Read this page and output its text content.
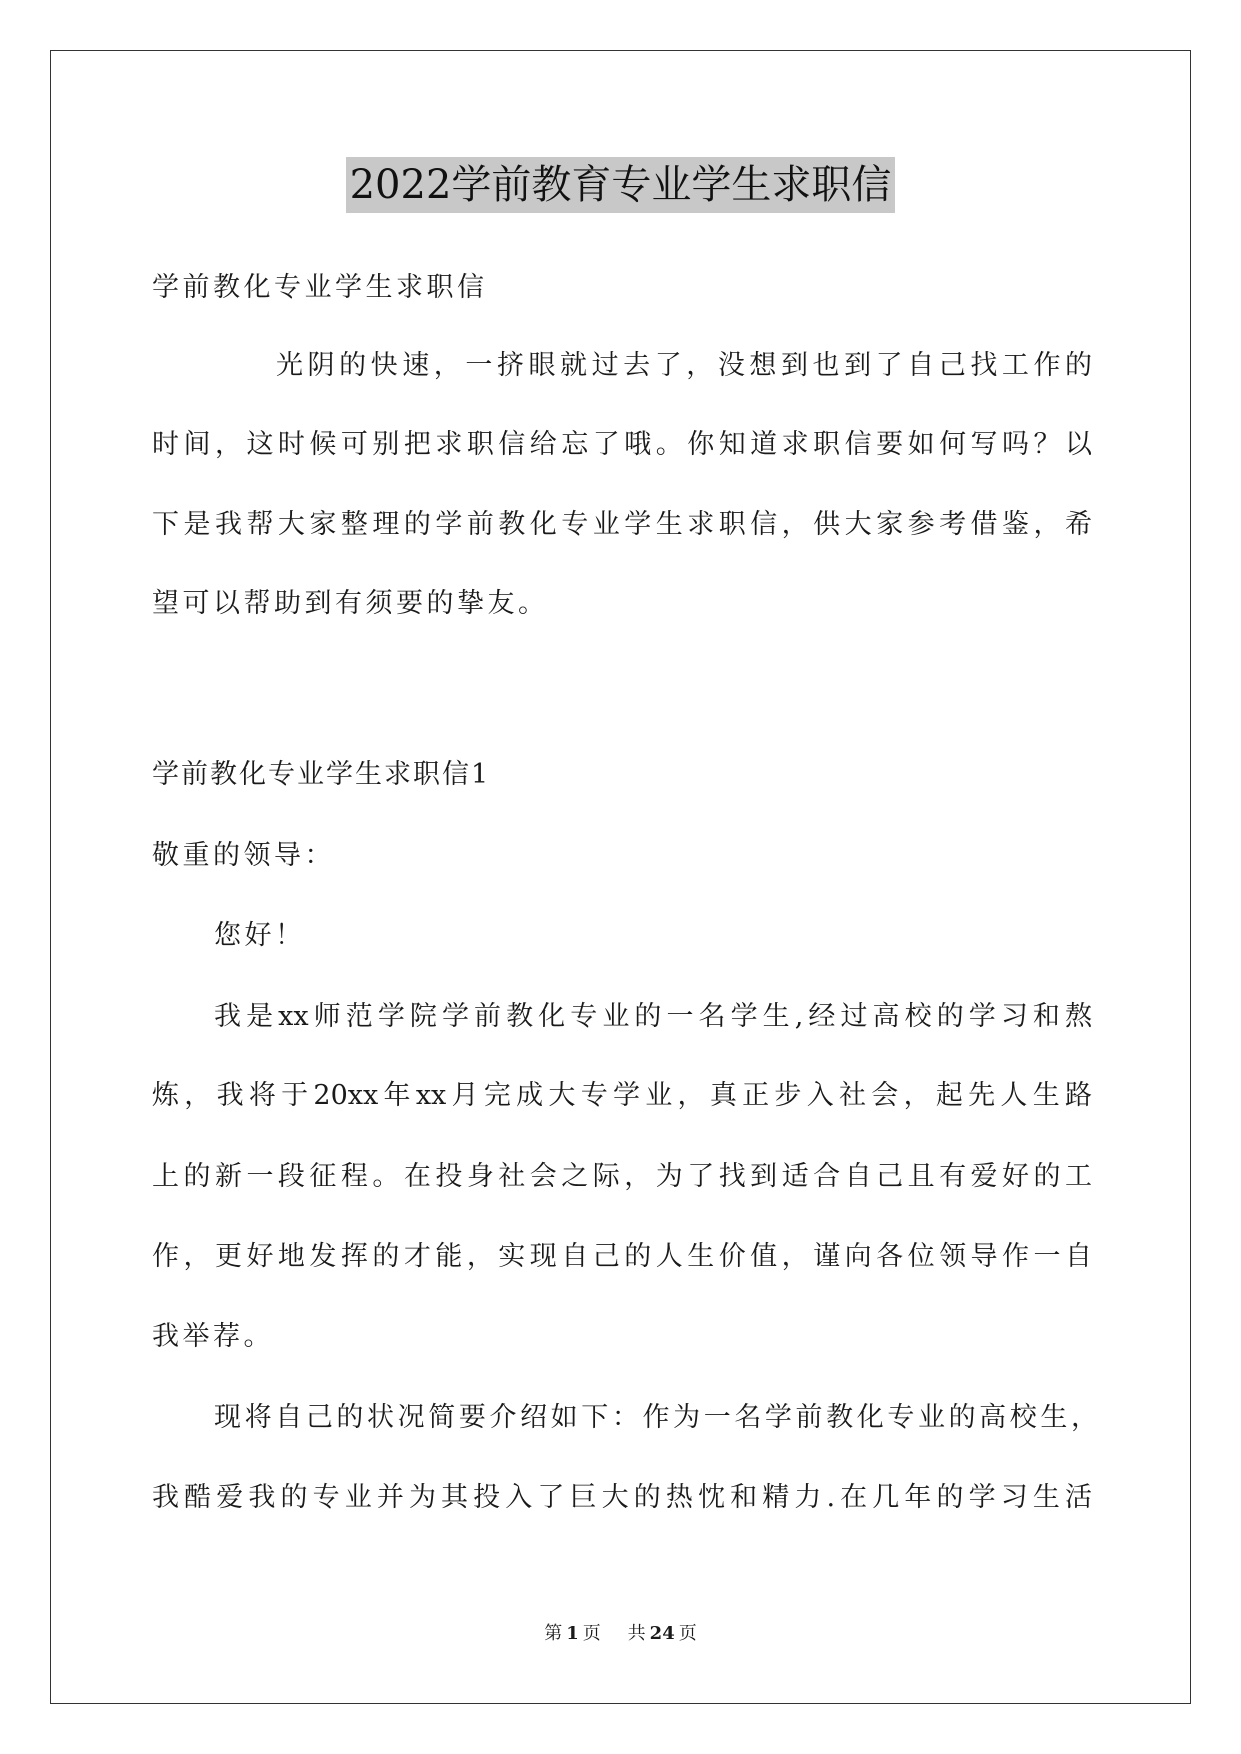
2022学前教育专业学生求职信
学前教化专业学生求职信
光阴的快速，一挤眼就过去了，没想到也到了自己找工作的
时间，这时候可别把求职信给忘了哦。你知道求职信要如何写吗？以
下是我帮大家整理的学前教化专业学生求职信，供大家参考借鉴，希
望可以帮助到有须要的挚友。
学前教化专业学生求职信1
敬重的领导：
您好！
我是xx师范学院学前教化专业的一名学生,经过高校的学习和熬
炼，我将于20xx年xx月完成大专学业，真正步入社会，起先人生路
上的新一段征程。在投身社会之际，为了找到适合自己且有爱好的工
作，更好地发挥的才能，实现自己的人生价值，谨向各位领导作一自
我举荐。
现将自己的状况简要介绍如下：作为一名学前教化专业的高校生，
我酷爱我的专业并为其投入了巨大的热忱和精力.在几年的学习生活
第 1 页 共 24 页
